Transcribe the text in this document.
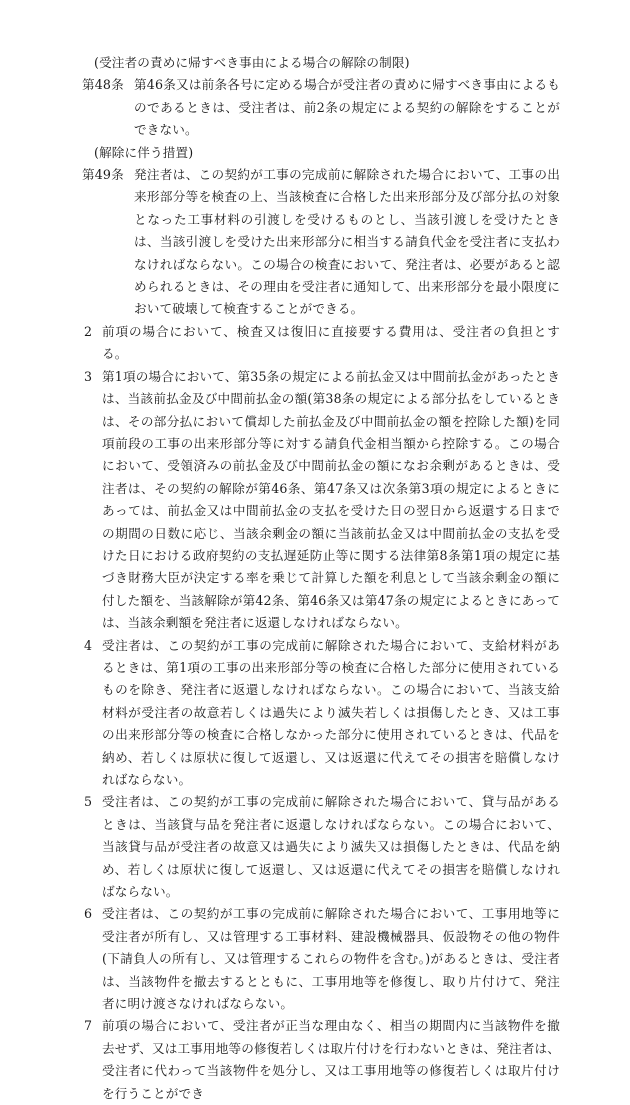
(受注者の責めに帰すべき事由による場合の解除の制限)

第48条 第46条又は前条各号に定める場合が受注者の責めに帰すべき事由によるものであるときは、受注者は、前2条の規定による契約の解除をすることができない。

(解除に伴う措置)

第49条 発注者は、この契約が工事の完成前に解除された場合において、工事の出来形部分等を検査の上、当該検査に合格した出来形部分及び部分払の対象となった工事材料の引渡しを受けるものとし、当該引渡しを受けたときは、当該引渡しを受けた出来形部分に相当する請負代金を受注者に支払わなければならない。この場合の検査において、発注者は、必要があると認められるときは、その理由を受注者に通知して、出来形部分を最小限度において破壊して検査することができる。
2 前項の場合において、検査又は復旧に直接要する費用は、受注者の負担とする。
3 第1項の場合において、第35条の規定による前払金又は中間前払金があったときは、当該前払金及び中間前払金の額(第38条の規定による部分払をしているときは、その部分払において償却した前払金及び中間前払金の額を控除した額)を同項前段の工事の出来形部分等に対する請負代金相当額から控除する。この場合において、受領済みの前払金及び中間前払金の額になお余剰があるときは、受注者は、その契約の解除が第46条、第47条又は次条第3項の規定によるときにあっては、前払金又は中間前払金の支払を受けた日の翌日から返還する日までの期間の日数に応じ、当該余剰金の額に当該前払金又は中間前払金の支払を受けた日における政府契約の支払遅延防止等に関する法律第8条第1項の規定に基づき財務大臣が決定する率を乗じて計算した額を利息として当該余剰金の額に付した額を、当該解除が第42条、第46条又は第47条の規定によるときにあっては、当該余剰額を発注者に返還しなければならない。
4 受注者は、この契約が工事の完成前に解除された場合において、支給材料があるときは、第1項の工事の出来形部分等の検査に合格した部分に使用されているものを除き、発注者に返還しなければならない。この場合において、当該支給材料が受注者の故意若しくは過失により滅失若しくは損傷したとき、又は工事の出来形部分等の検査に合格しなかった部分に使用されているときは、代品を納め、若しくは原状に復して返還し、又は返還に代えてその損害を賠償しなければならない。
5 受注者は、この契約が工事の完成前に解除された場合において、貸与品があるときは、当該貸与品を発注者に返還しなければならない。この場合において、当該貸与品が受注者の故意又は過失により滅失又は損傷したときは、代品を納め、若しくは原状に復して返還し、又は返還に代えてその損害を賠償しなければならない。
6 受注者は、この契約が工事の完成前に解除された場合において、工事用地等に受注者が所有し、又は管理する工事材料、建設機械器具、仮設物その他の物件(下請負人の所有し、又は管理するこれらの物件を含む。)があるときは、受注者は、当該物件を撤去するとともに、工事用地等を修復し、取り片付けて、発注者に明け渡さなければならない。
7 前項の場合において、受注者が正当な理由なく、相当の期間内に当該物件を撤去せず、又は工事用地等の修復若しくは取片付けを行わないときは、発注者は、受注者に代わって当該物件を処分し、又は工事用地等の修復若しくは取片付けを行うことができ
